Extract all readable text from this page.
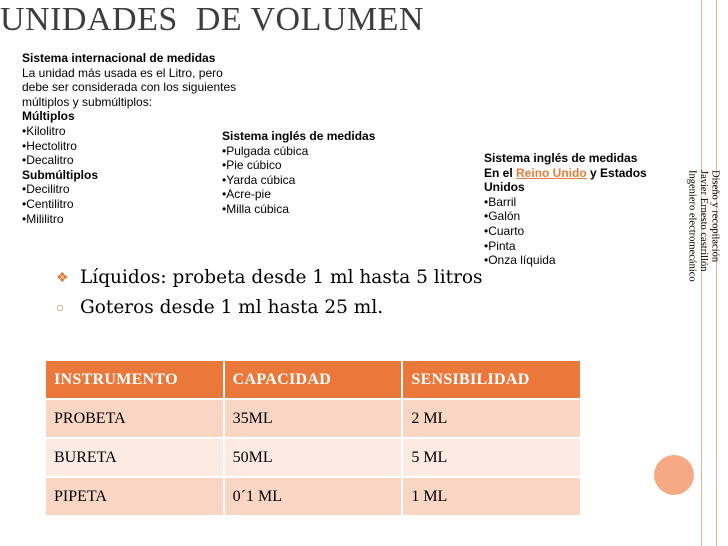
UNIDADES  DE VOLUMEN
Sistema internacional de medidas
La unidad más usada es el Litro, pero
debe ser considerada con los siguientes
múltiplos y submúltiplos:
Múltiplos
•Kilolitro
•Hectolitro
•Decalitro
Submúltiplos
•Decilitro
•Centilitro
•Mililitro
Sistema inglés de medidas
•Pulgada cúbica
•Pie cúbico
•Yarda cúbica
•Acre-pie
•Milla cúbica
Sistema inglés de medidas
En el Reino Unido y Estados
Unidos
•Barril
•Galón
•Cuarto
•Pinta
•Onza líquida	Diseño y recopilación
Javier Ernesto castrillón
Ingeniero electromecánico
❖ Líquidos: probeta desde 1 ml hasta 5 litros
○ Goteros desde 1 ml hasta 25 ml.
INSTRUMENTO	CAPACIDAD	SENSIBILIDAD
PROBETA	35ML	2 ML
BURETA	50ML	5 ML
PIPETA	0´1 ML	1 ML
